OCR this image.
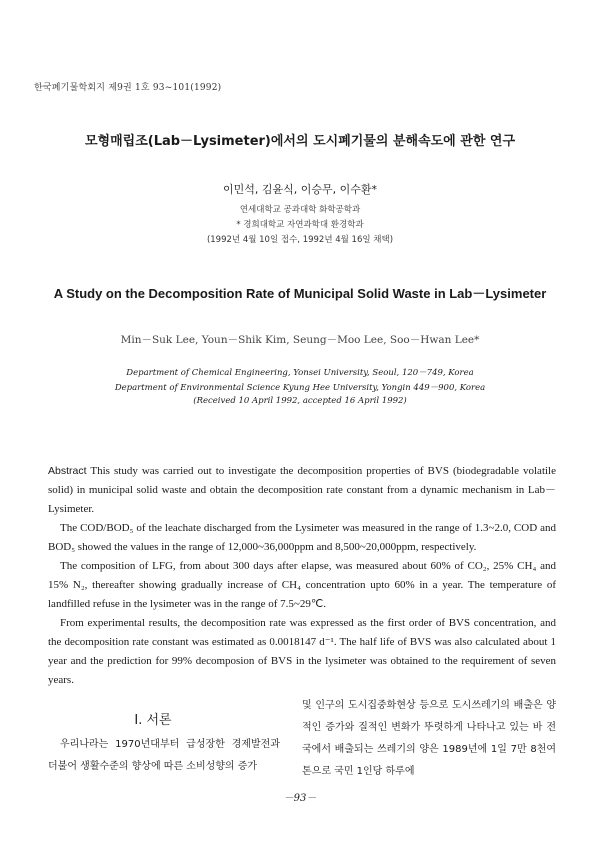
한국폐기물학회지 제9권 1호 93~101(1992)
모형매립조(Lab－Lysimeter)에서의 도시폐기물의 분해속도에 관한 연구
이민석, 김윤식, 이승무, 이수환*
연세대학교 공과대학 화학공학과
* 경희대학교 자연과학대 환경학과
(1992년 4월 10일 접수, 1992년 4월 16일 채택)
A Study on the Decomposition Rate of Municipal Solid Waste in Lab－Lysimeter
Min－Suk Lee, Youn－Shik Kim, Seung－Moo Lee, Soo－Hwan Lee*
Department of Chemical Engineering, Yonsei University, Seoul, 120－749, Korea
Department of Environmental Science Kyung Hee University, Yongin 449－900, Korea
(Received 10 April 1992, accepted 16 April 1992)

Abstract This study was carried out to investigate the decomposition properties of BVS (biodegradable volatile solid) in municipal solid waste and obtain the decomposition rate constant from a dynamic mechanism in Lab－Lysimeter.

The COD/BOD₅ of the leachate discharged from the Lysimeter was measured in the range of 1.3~2.0, COD and BOD₅ showed the values in the range of 12,000~36,000ppm and 8,500~20,000ppm, respectively.

The composition of LFG, from about 300 days after elapse, was measured about 60% of CO₂, 25% CH₄ and 15% N₂, thereafter showing gradually increase of CH₄ concentration upto 60% in a year. The temperature of landfilled refuse in the lysimeter was in the range of 7.5~29℃.

From experimental results, the decomposition rate was expressed as the first order of BVS concentration, and the decomposition rate constant was estimated as 0.0018147 d⁻¹. The half life of BVS was also calculated about 1 year and the prediction for 99% decomposion of BVS in the lysimeter was obtained to the requirement of seven years.

Ⅰ. 서론

우리나라는 1970년대부터 급성장한 경제발전과 더불어 생활수준의 향상에 따른 소비성향의 증가

및 인구의 도시집중화현상 등으로 도시쓰레기의 배출은 양적인 증가와 질적인 변화가 뚜렷하게 나타나고 있는 바 전국에서 배출되는 쓰레기의 양은 1989년에 1일 7만 8천여톤으로 국민 1인당 하루에

－93－
